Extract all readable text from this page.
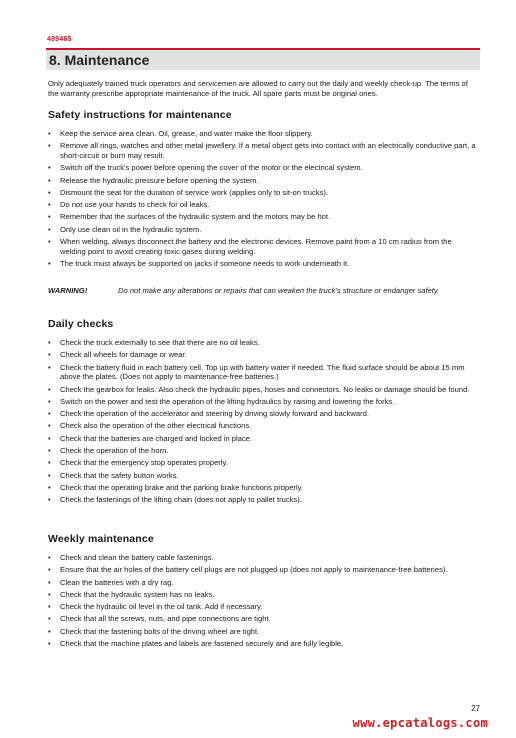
489465
8. Maintenance
Only adequately trained truck operators and servicemen are allowed to carry out the daily and weekly check-up. The terms of the warranty prescribe appropriate maintenance of the truck. All spare parts must be original ones.
Safety instructions for maintenance
• Keep the service area clean. Oil, grease, and water make the floor slippery.
• Remove all rings, watches and other metal jewellery. If a metal object gets into contact with an electrically conductive part, a short-circuit or burn may result.
• Switch off the truck's power before opening the cover of the motor or the electrical system.
• Release the hydraulic pressure before opening the system.
• Dismount the seat for the duration of service work (applies only to sit-on trucks).
• Do not use your hands to check for oil leaks.
• Remember that the surfaces of the hydraulic system and the motors may be hot.
• Only use clean oil in the hydraulic system.
• When welding, always disconnect the battery and the electronic devices. Remove paint from a 10 cm radius from the welding point to avoid creating toxic gases during welding.
• The truck must always be supported on jacks if someone needs to work underneath it.
WARNING!	Do not make any alterations or repairs that can weaken the truck's structure or endanger safety.
Daily checks
• Check the truck externally to see that there are no oil leaks.
• Check all wheels for damage or wear.
• Check the battery fluid in each battery cell. Top up with battery water if needed. The fluid surface should be about 15 mm above the plates. (Does not apply to maintenance-free batteries.)
• Check the gearbox for leaks. Also check the hydraulic pipes, hoses and connectors. No leaks or damage should be found.
• Switch on the power and test the operation of the lifting hydraulics by raising and lowering the forks.
• Check the operation of the accelerator and steering by driving slowly forward and backward.
• Check also the operation of the other electrical functions.
• Check that the batteries are charged and locked in place.
• Check the operation of the horn.
• Check that the emergency stop operates properly.
• Check that the safety button works.
• Check that the operating brake and the parking brake functions properly.
• Check the fastenings of the lifting chain (does not apply to pallet trucks).
Weekly maintenance
• Check and clean the battery cable fastenings.
• Ensure that the air holes of the battery cell plugs are not plugged up (does not apply to maintenance-free batteries).
• Clean the batteries with a dry rag.
• Check that the hydraulic system has no leaks.
• Check the hydraulic oil level in the oil tank. Add if necessary.
• Check that all the screws, nuts, and pipe connections are tight.
• Check that the fastening bolts of the driving wheel are tight.
• Check that the machine plates and labels are fastened securely and are fully legible.
27
www.epcatalogs.com
